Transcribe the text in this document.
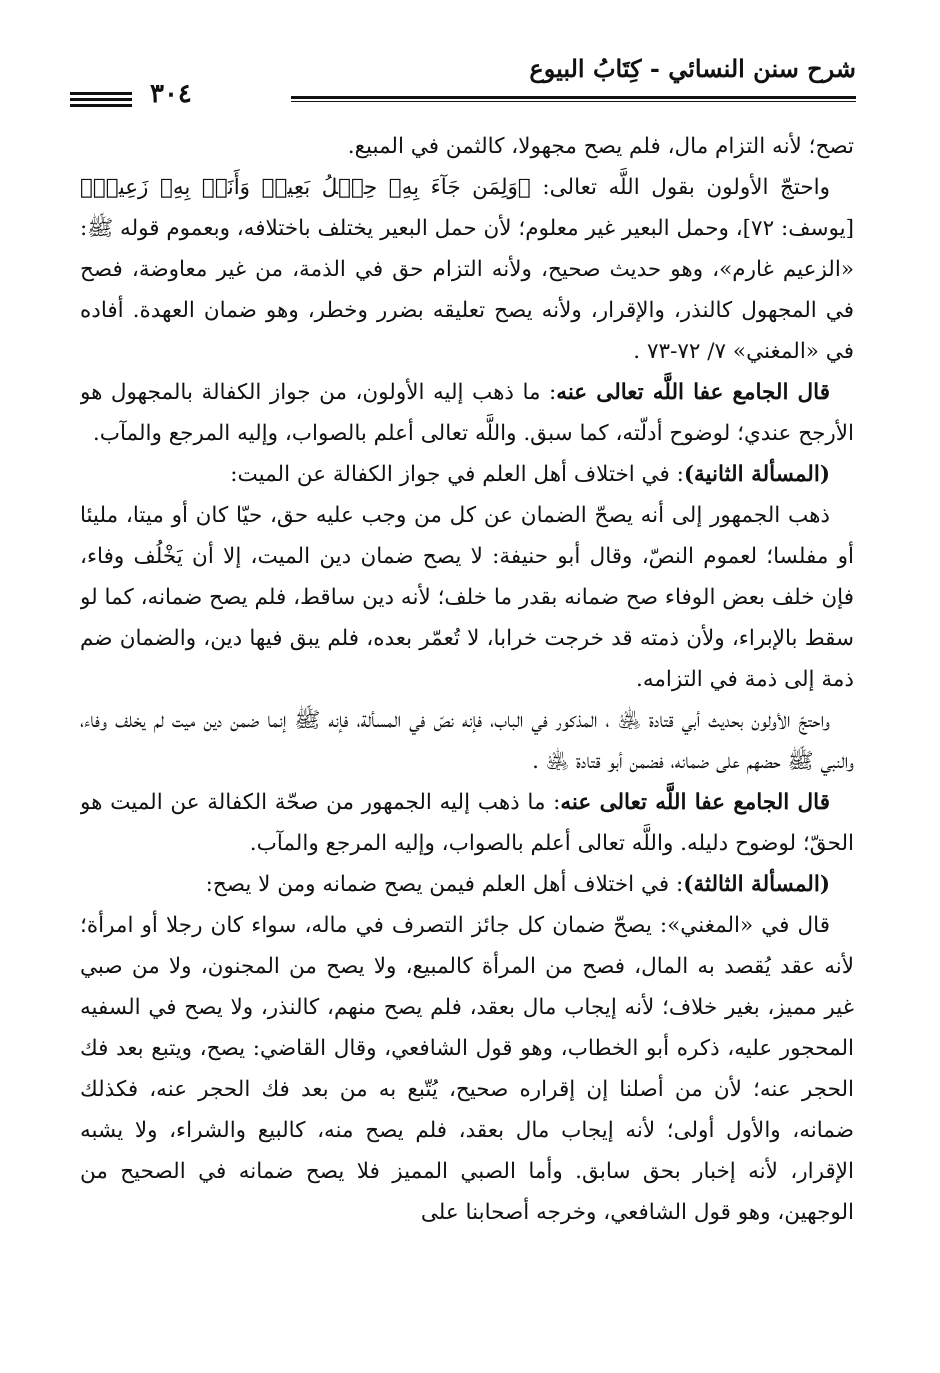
شرح سنن النسائي - كِتَابُ البيوع
٣٠٤

تصح؛ لأنه التزام مال، فلم يصح مجهولا، كالثمن في المبيع.

واحتجّ الأولون بقول اللَّه تعالى: ﴿وَلِمَن جَآءَ بِهِۦ حِمۡلُ بَعِيرٖ وَأَنَا۠ بِهِۦ زَعِيمٞ﴾ [يوسف: ٧٢]، وحمل البعير غير معلوم؛ لأن حمل البعير يختلف باختلافه، وبعموم قوله ﷺ: «الزعيم غارم»، وهو حديث صحيح، ولأنه التزام حق في الذمة، من غير معاوضة، فصح في المجهول كالنذر، والإقرار، ولأنه يصح تعليقه بضرر وخطر، وهو ضمان العهدة. أفاده في «المغني» ٧/ ٧٢-٧٣ .

قال الجامع عفا اللَّه تعالى عنه: ما ذهب إليه الأولون، من جواز الكفالة بالمجهول هو الأرجح عندي؛ لوضوح أدلّته، كما سبق. واللَّه تعالى أعلم بالصواب، وإليه المرجع والمآب.

(المسألة الثانية): في اختلاف أهل العلم في جواز الكفالة عن الميت:

ذهب الجمهور إلى أنه يصحّ الضمان عن كل من وجب عليه حق، حيّا كان أو ميتا، مليئا أو مفلسا؛ لعموم النصّ، وقال أبو حنيفة: لا يصح ضمان دين الميت، إلا أن يَخْلُف وفاء، فإن خلف بعض الوفاء صح ضمانه بقدر ما خلف؛ لأنه دين ساقط، فلم يصح ضمانه، كما لو سقط بالإبراء، ولأن ذمته قد خرجت خرابا، لا تُعمّر بعده، فلم يبق فيها دين، والضمان ضم ذمة إلى ذمة في التزامه.

واحتجّ الأولون بحديث أبي قتادة ﵁ ، المذكور في الباب، فإنه نصّ في المسألة، فإنه ﷺ إنما ضمن دين ميت لم يخلف وفاء، والنبي ﷺ حضهم على ضمانه، فضمن أبو قتادة ﵁ .

قال الجامع عفا اللَّه تعالى عنه: ما ذهب إليه الجمهور من صحّة الكفالة عن الميت هو الحقّ؛ لوضوح دليله. واللَّه تعالى أعلم بالصواب، وإليه المرجع والمآب.

(المسألة الثالثة): في اختلاف أهل العلم فيمن يصح ضمانه ومن لا يصح:

قال في «المغني»: يصحّ ضمان كل جائز التصرف في ماله، سواء كان رجلا أو امرأة؛ لأنه عقد يُقصد به المال، فصح من المرأة كالمبيع، ولا يصح من المجنون، ولا من صبي غير مميز، بغير خلاف؛ لأنه إيجاب مال بعقد، فلم يصح منهم، كالنذر، ولا يصح في السفيه المحجور عليه، ذكره أبو الخطاب، وهو قول الشافعي، وقال القاضي: يصح، ويتبع بعد فك الحجر عنه؛ لأن من أصلنا إن إقراره صحيح، يُتّبع به من بعد فك الحجر عنه، فكذلك ضمانه، والأول أولى؛ لأنه إيجاب مال بعقد، فلم يصح منه، كالبيع والشراء، ولا يشبه الإقرار، لأنه إخبار بحق سابق. وأما الصبي المميز فلا يصح ضمانه في الصحيح من الوجهين، وهو قول الشافعي، وخرجه أصحابنا على
